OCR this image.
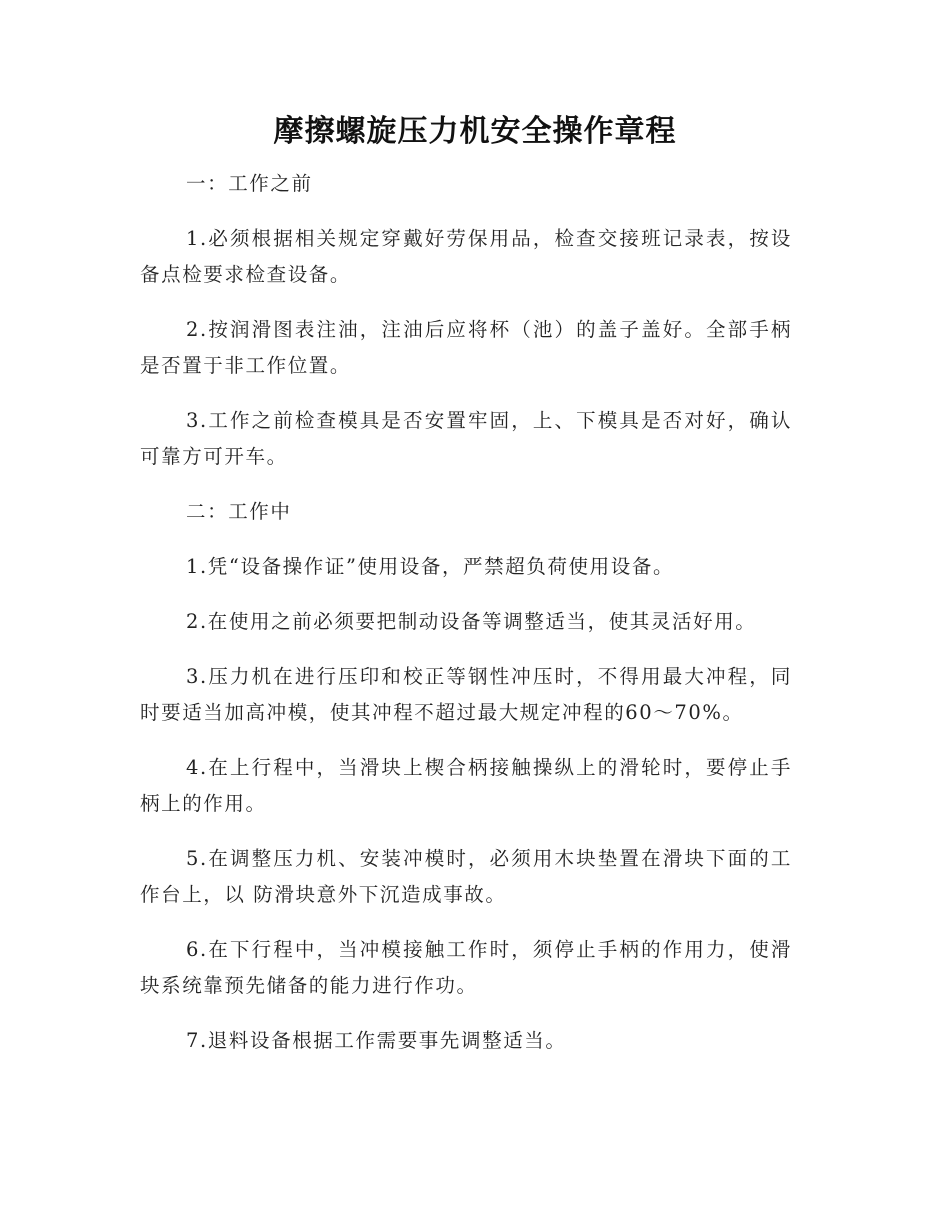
摩擦螺旋压力机安全操作章程

一：工作之前

1.必须根据相关规定穿戴好劳保用品，检查交接班记录表，按设备点检要求检查设备。

2.按润滑图表注油，注油后应将杯（池）的盖子盖好。全部手柄是否置于非工作位置。

3.工作之前检查模具是否安置牢固，上、下模具是否对好，确认可靠方可开车。

二：工作中

1.凭“设备操作证”使用设备，严禁超负荷使用设备。

2.在使用之前必须要把制动设备等调整适当，使其灵活好用。

3.压力机在进行压印和校正等钢性冲压时，不得用最大冲程，同时要适当加高冲模，使其冲程不超过最大规定冲程的60～70%。

4.在上行程中，当滑块上楔合柄接触操纵上的滑轮时，要停止手柄上的作用。

5.在调整压力机、安装冲模时，必须用木块垫置在滑块下面的工作台上，以 防滑块意外下沉造成事故。

6.在下行程中，当冲模接触工作时，须停止手柄的作用力，使滑块系统靠预先储备的能力进行作功。

7.退料设备根据工作需要事先调整适当。
